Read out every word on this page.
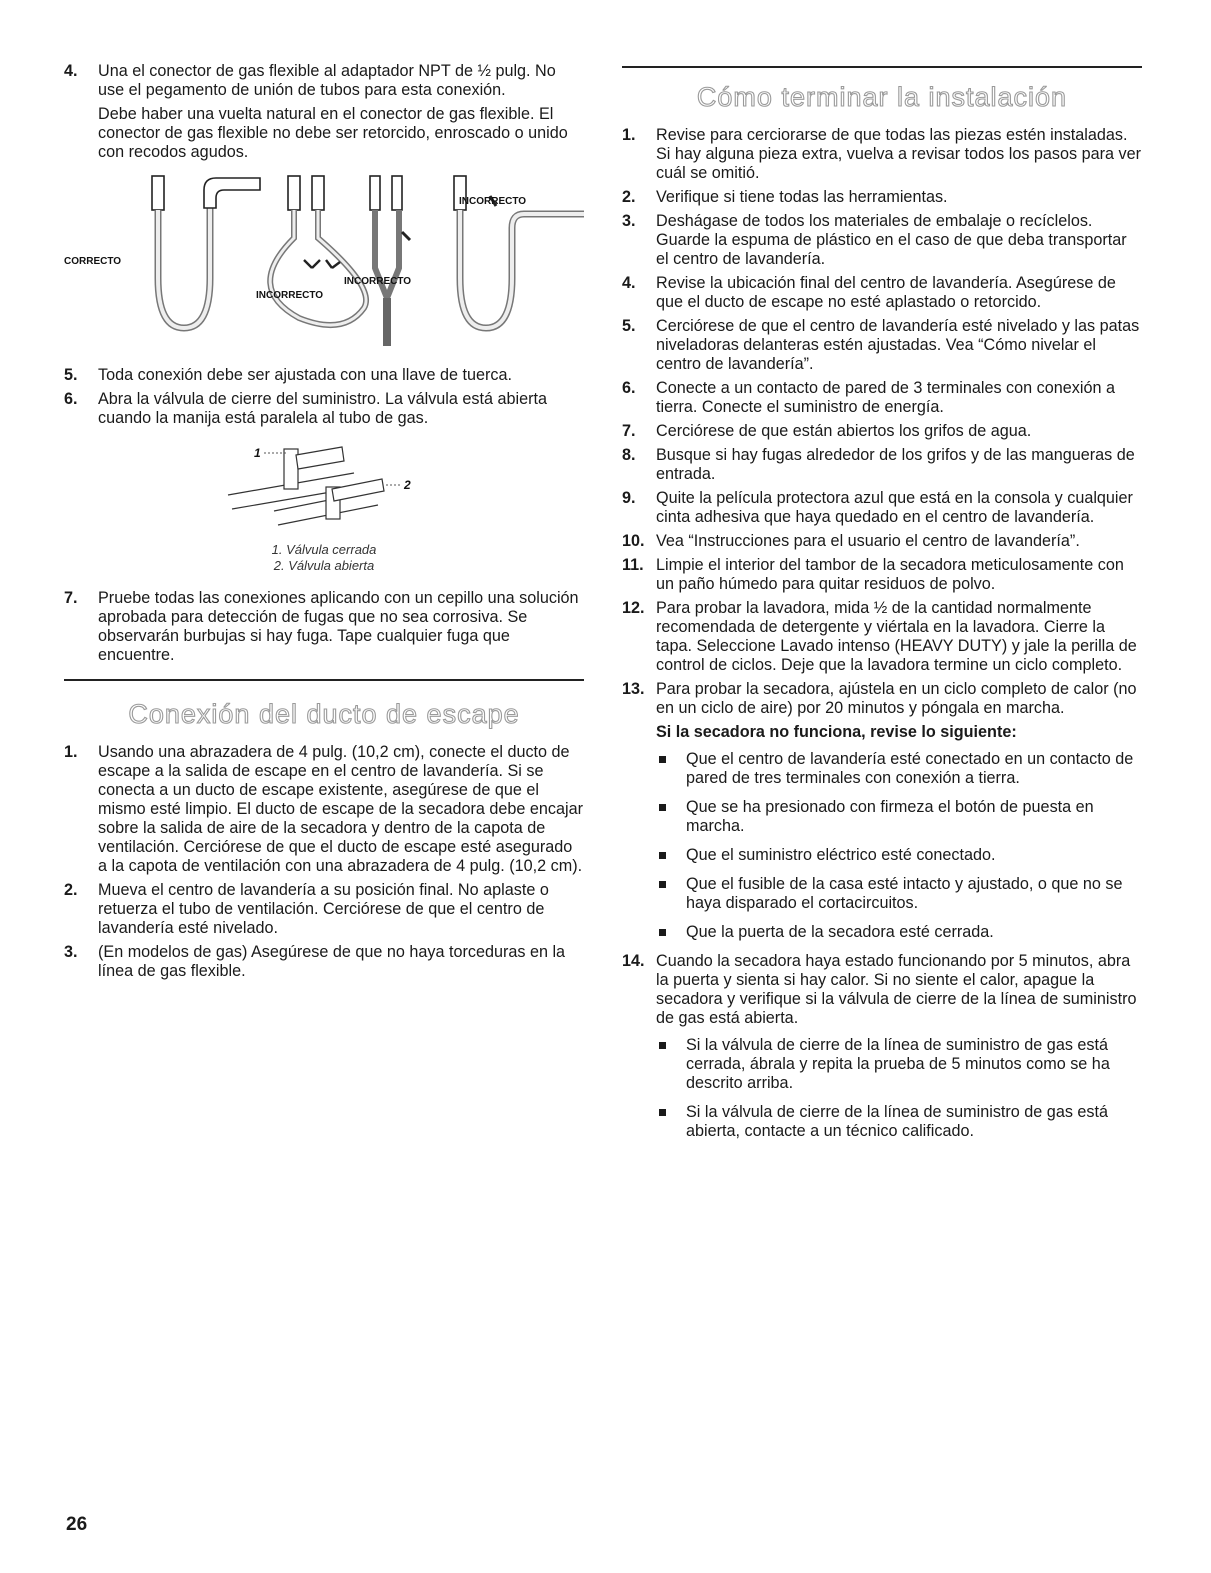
4. Una el conector de gas flexible al adaptador NPT de ½ pulg. No use el pegamento de unión de tubos para esta conexión.

Debe haber una vuelta natural en el conector de gas flexible. El conector de gas flexible no debe ser retorcido, enroscado o unido con recodos agudos.

CORRECTO
INCORRECTO
INCORRECTO
INCORRECTO
5. Toda conexión debe ser ajustada con una llave de tuerca.

6. Abra la válvula de cierre del suministro. La válvula está abierta cuando la manija está paralela al tubo de gas.

1
2
1. Válvula cerrada
2. Válvula abierta
7. Pruebe todas las conexiones aplicando con un cepillo una solución aprobada para detección de fugas que no sea corrosiva. Se observarán burbujas si hay fuga. Tape cualquier fuga que encuentre.

Conexión del ducto de escape
1. Usando una abrazadera de 4 pulg. (10,2 cm), conecte el ducto de escape a la salida de escape en el centro de lavandería. Si se conecta a un ducto de escape existente, asegúrese de que el mismo esté limpio. El ducto de escape de la secadora debe encajar sobre la salida de aire de la secadora y dentro de la capota de ventilación. Cerciórese de que el ducto de escape esté asegurado a la capota de ventilación con una abrazadera de 4 pulg. (10,2 cm).

2. Mueva el centro de lavandería a su posición final. No aplaste o retuerza el tubo de ventilación. Cerciórese de que el centro de lavandería esté nivelado.

3. (En modelos de gas) Asegúrese de que no haya torceduras en la línea de gas flexible.

Cómo terminar la instalación
1. Revise para cerciorarse de que todas las piezas estén instaladas. Si hay alguna pieza extra, vuelva a revisar todos los pasos para ver cuál se omitió.

2. Verifique si tiene todas las herramientas.

3. Deshágase de todos los materiales de embalaje o recíclelos. Guarde la espuma de plástico en el caso de que deba transportar el centro de lavandería.

4. Revise la ubicación final del centro de lavandería. Asegúrese de que el ducto de escape no esté aplastado o retorcido.

5. Cerciórese de que el centro de lavandería esté nivelado y las patas niveladoras delanteras estén ajustadas. Vea “Cómo nivelar el centro de lavandería”.

6. Conecte a un contacto de pared de 3 terminales con conexión a tierra. Conecte el suministro de energía.

7. Cerciórese de que están abiertos los grifos de agua.

8. Busque si hay fugas alrededor de los grifos y de las mangueras de entrada.

9. Quite la película protectora azul que está en la consola y cualquier cinta adhesiva que haya quedado en el centro de lavandería.

10. Vea “Instrucciones para el usuario el centro de lavandería”.

11. Limpie el interior del tambor de la secadora meticulosamente con un paño húmedo para quitar residuos de polvo.

12. Para probar la lavadora, mida ½ de la cantidad normalmente recomendada de detergente y viértala en la lavadora. Cierre la tapa. Seleccione Lavado intenso (HEAVY DUTY) y jale la perilla de control de ciclos. Deje que la lavadora termine un ciclo completo.

13. Para probar la secadora, ajústela en un ciclo completo de calor (no en un ciclo de aire) por 20 minutos y póngala en marcha.

Si la secadora no funciona, revise lo siguiente:

Que el centro de lavandería esté conectado en un contacto de pared de tres terminales con conexión a tierra.
Que se ha presionado con firmeza el botón de puesta en marcha.
Que el suministro eléctrico esté conectado.
Que el fusible de la casa esté intacto y ajustado, o que no se haya disparado el cortacircuitos.
Que la puerta de la secadora esté cerrada.
14. Cuando la secadora haya estado funcionando por 5 minutos, abra la puerta y sienta si hay calor. Si no siente el calor, apague la secadora y verifique si la válvula de cierre de la línea de suministro de gas está abierta.

Si la válvula de cierre de la línea de suministro de gas está cerrada, ábrala y repita la prueba de 5 minutos como se ha descrito arriba.
Si la válvula de cierre de la línea de suministro de gas está abierta, contacte a un técnico calificado.
26
